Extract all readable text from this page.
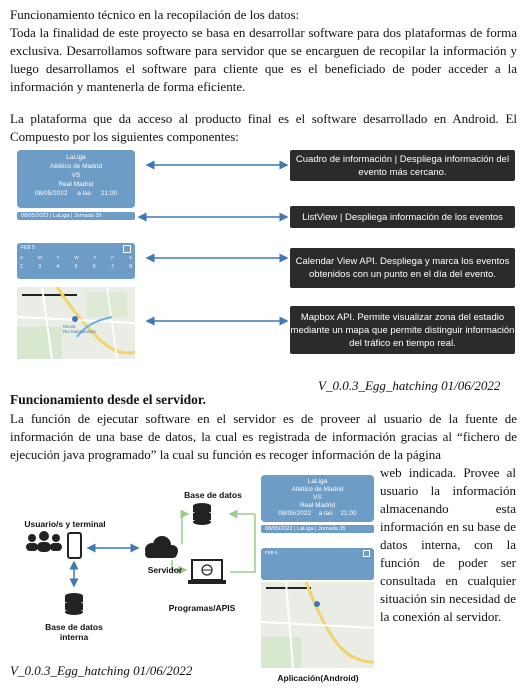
Funcionamiento técnico en la recopilación de los datos:
Toda la finalidad de este proyecto se basa en desarrollar software para dos plataformas de forma exclusiva. Desarrollamos software para servidor que se encarguen de recopilar la información y luego desarrollamos el software para cliente que es el beneficiado de poder acceder a la información y mantenerla de forma eficiente.
La plataforma que da acceso al producto final es el software desarrollado en Android. El Compuesto por los siguientes componentes:
LaLiga
Atlético de Madrid
VS
Real Madrid
08/05/2022 a las 21:00
08/05/2022 | LaLiga | Jornada 35
FEB 5
S	M	T	W	T	F	S
2	3	4	5	6	7	8
Nivola
Rio Manzanares
Cuadro de información | Despliega información del evento más cercano.
ListView | Despliega información de los eventos
Calendar View API. Despliega y marca los eventos obtenidos con un punto en el día del evento.
Mapbox API. Permite visualizar zona del estadio mediante un mapa que permite distinguir información del tráfico en tiempo real.
V_0.0.3_Egg_hatching 01/06/2022
Funcionamiento desde el servidor.
La función de ejecutar software en el servidor es de proveer al usuario de la fuente de información de una base de datos, la cual es registrada de información gracias al “fichero de ejecución java programado” la cual su función es recoger información de la página
web indicada. Provee al usuario la información almacenando esta información en su base de datos interna, con la función de poder ser consultada en cualquier situación sin necesidad de la conexión al servidor.
Base de datos
Usuario/s y terminal
Servidor
Programas/APIS
Base de datos interna
LaLiga
Atlético de Madrid
VS
Real Madrid
08/05/2022 a las 21:00
08/05/2022 | LaLiga | Jornada 35
FEB 5
Aplicación(Android)
V_0.0.3_Egg_hatching 01/06/2022
